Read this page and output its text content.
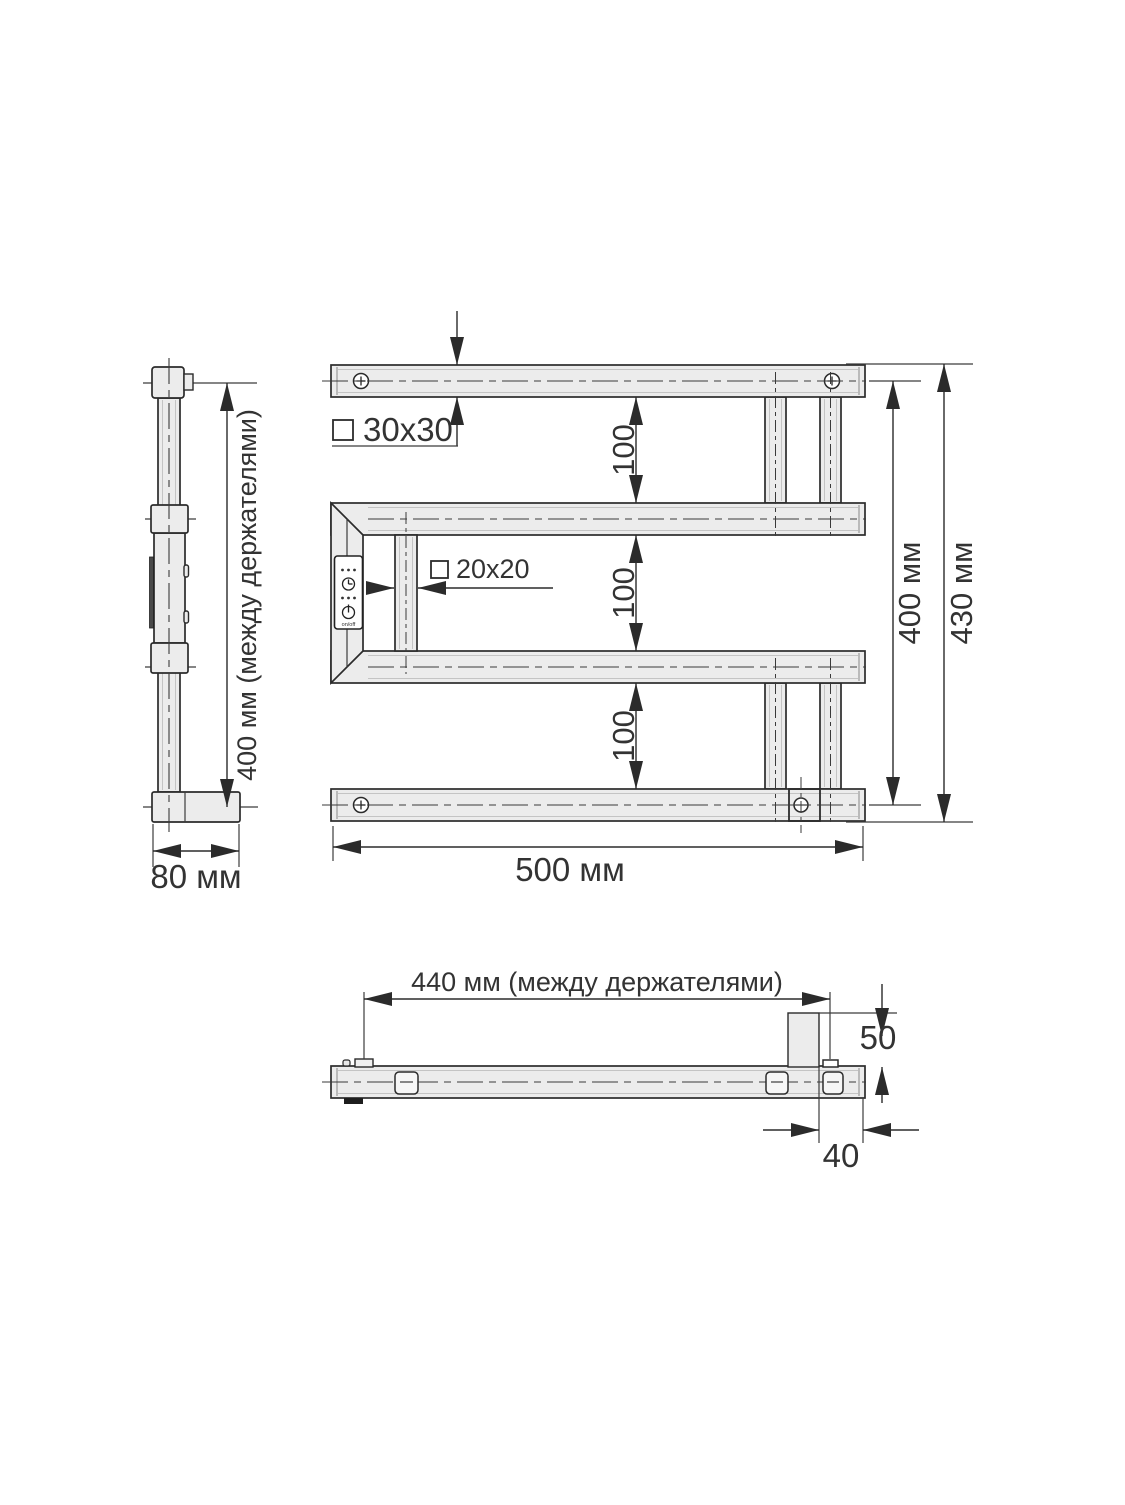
400 мм (между держателями)
80 мм
on/off
30x30
20x20
100
100
100
400 мм 430 мм
500 мм
440 мм (между держателями)
50
40
